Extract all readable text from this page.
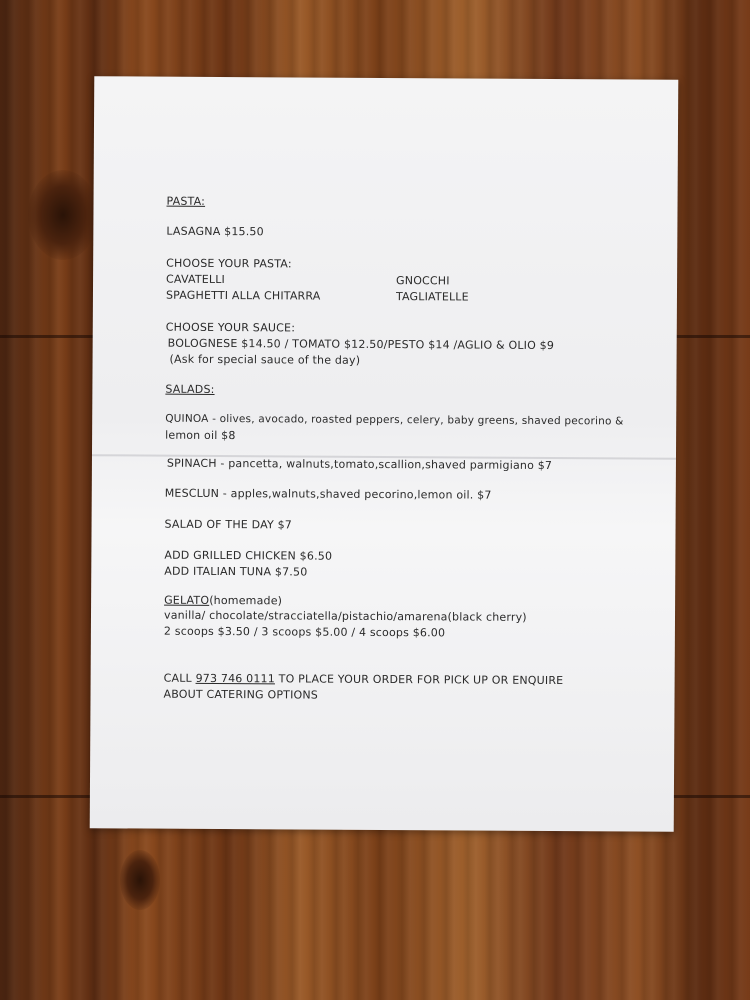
PASTA:
LASAGNA $15.50
CHOOSE YOUR PASTA:
CAVATELLI	GNOCCHI
SPAGHETTI ALLA CHITARRA	TAGLIATELLE
CHOOSE YOUR SAUCE:
BOLOGNESE $14.50 / TOMATO $12.50/PESTO $14 /AGLIO & OLIO $9
(Ask for special sauce of the day)
SALADS:
QUINOA - olives, avocado, roasted peppers, celery, baby greens, shaved pecorino &
lemon oil $8
SPINACH - pancetta, walnuts,tomato,scallion,shaved parmigiano $7
MESCLUN - apples,walnuts,shaved pecorino,lemon oil. $7
SALAD OF THE DAY $7
ADD GRILLED CHICKEN $6.50
ADD ITALIAN TUNA $7.50
GELATO(homemade)
vanilla/ chocolate/stracciatella/pistachio/amarena(black cherry)
2 scoops $3.50 / 3 scoops $5.00 / 4 scoops $6.00
CALL 973 746 0111 TO PLACE YOUR ORDER FOR PICK UP OR ENQUIRE
ABOUT CATERING OPTIONS
